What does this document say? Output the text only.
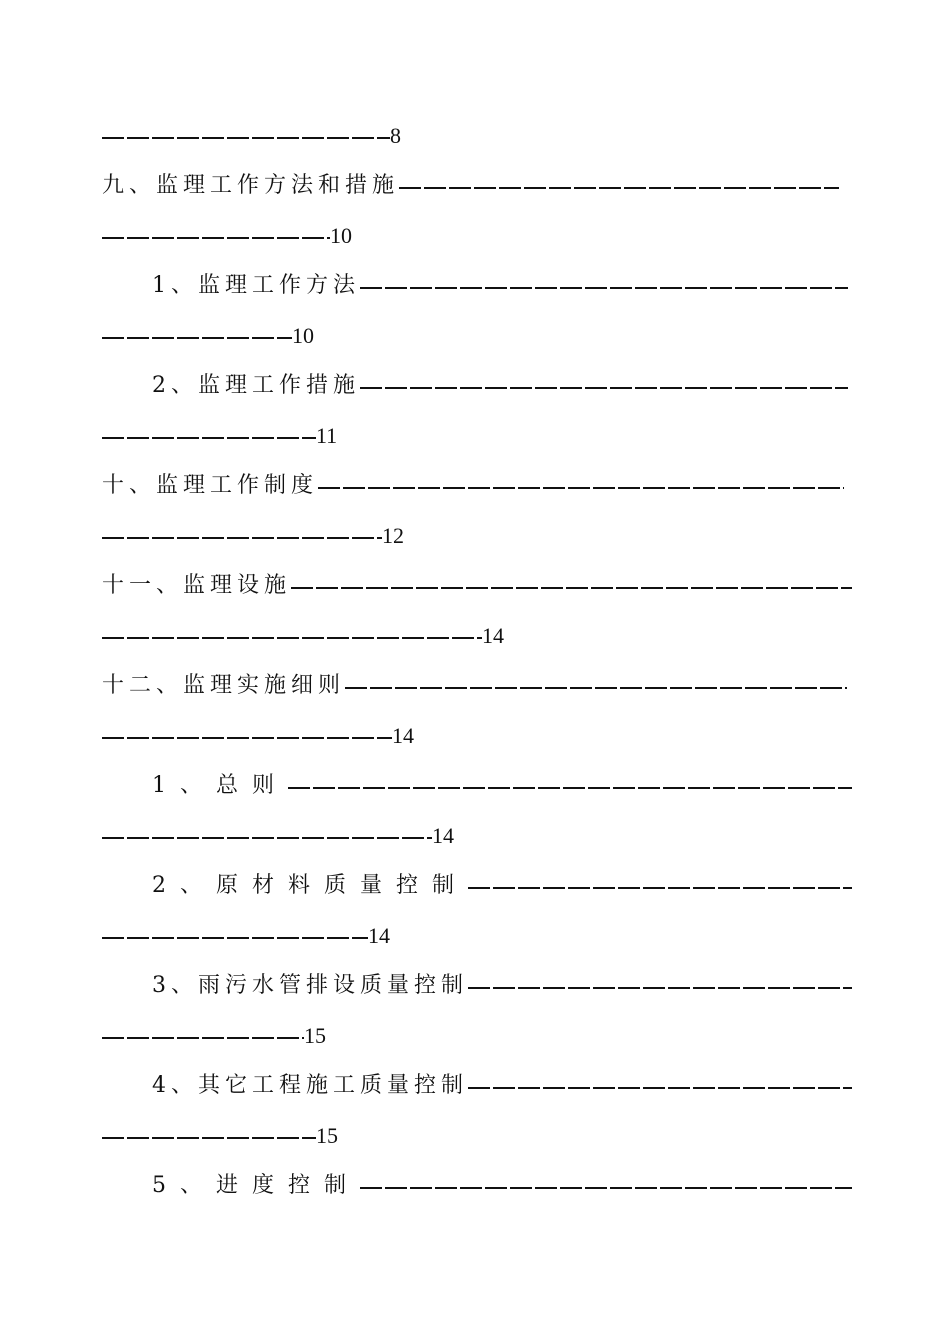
8
九、监理工作方法和措施
10
1、监理工作方法
10
2、监理工作措施
11
十、监理工作制度
12
十一、监理设施
14
十二、监理实施细则
14
1、总则
14
2、原材料质量控制
14
3、雨污水管排设质量控制
15
4、其它工程施工质量控制
15
5、进度控制
